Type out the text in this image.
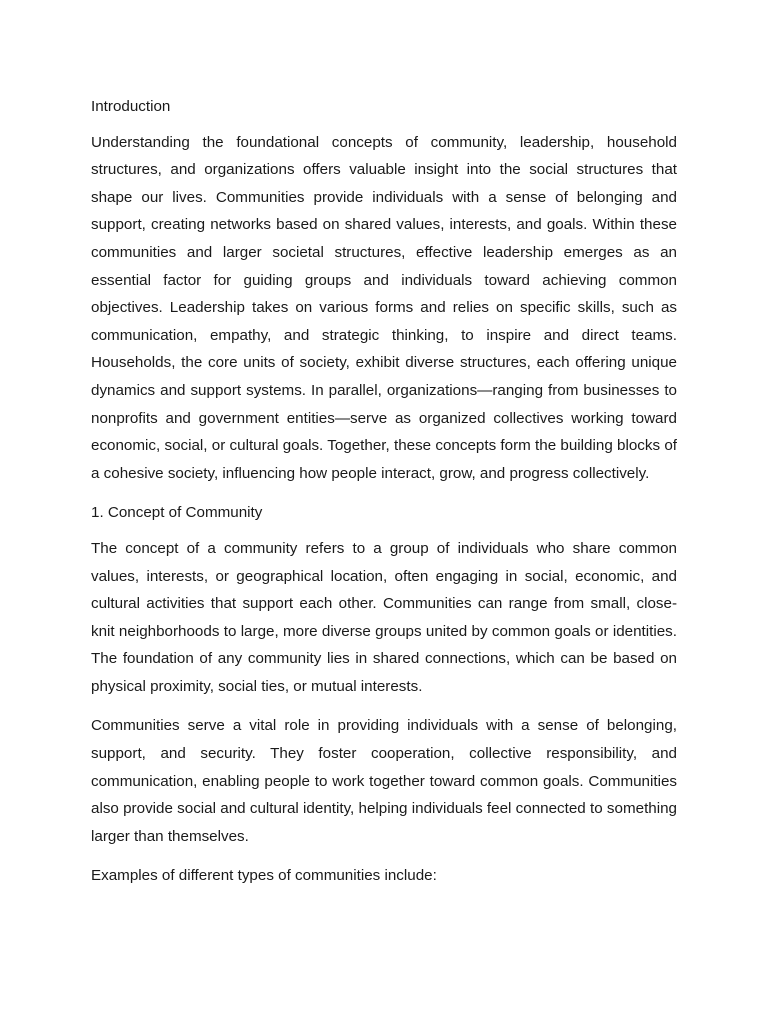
Introduction

Understanding the foundational concepts of community, leadership, household structures, and organizations offers valuable insight into the social structures that shape our lives. Communities provide individuals with a sense of belonging and support, creating networks based on shared values, interests, and goals. Within these communities and larger societal structures, effective leadership emerges as an essential factor for guiding groups and individuals toward achieving common objectives. Leadership takes on various forms and relies on specific skills, such as communication, empathy, and strategic thinking, to inspire and direct teams. Households, the core units of society, exhibit diverse structures, each offering unique dynamics and support systems. In parallel, organizations—ranging from businesses to nonprofits and government entities—serve as organized collectives working toward economic, social, or cultural goals. Together, these concepts form the building blocks of a cohesive society, influencing how people interact, grow, and progress collectively.

1. Concept of Community

The concept of a community refers to a group of individuals who share common values, interests, or geographical location, often engaging in social, economic, and cultural activities that support each other. Communities can range from small, close-knit neighborhoods to large, more diverse groups united by common goals or identities. The foundation of any community lies in shared connections, which can be based on physical proximity, social ties, or mutual interests.

Communities serve a vital role in providing individuals with a sense of belonging, support, and security. They foster cooperation, collective responsibility, and communication, enabling people to work together toward common goals. Communities also provide social and cultural identity, helping individuals feel connected to something larger than themselves.

Examples of different types of communities include:
